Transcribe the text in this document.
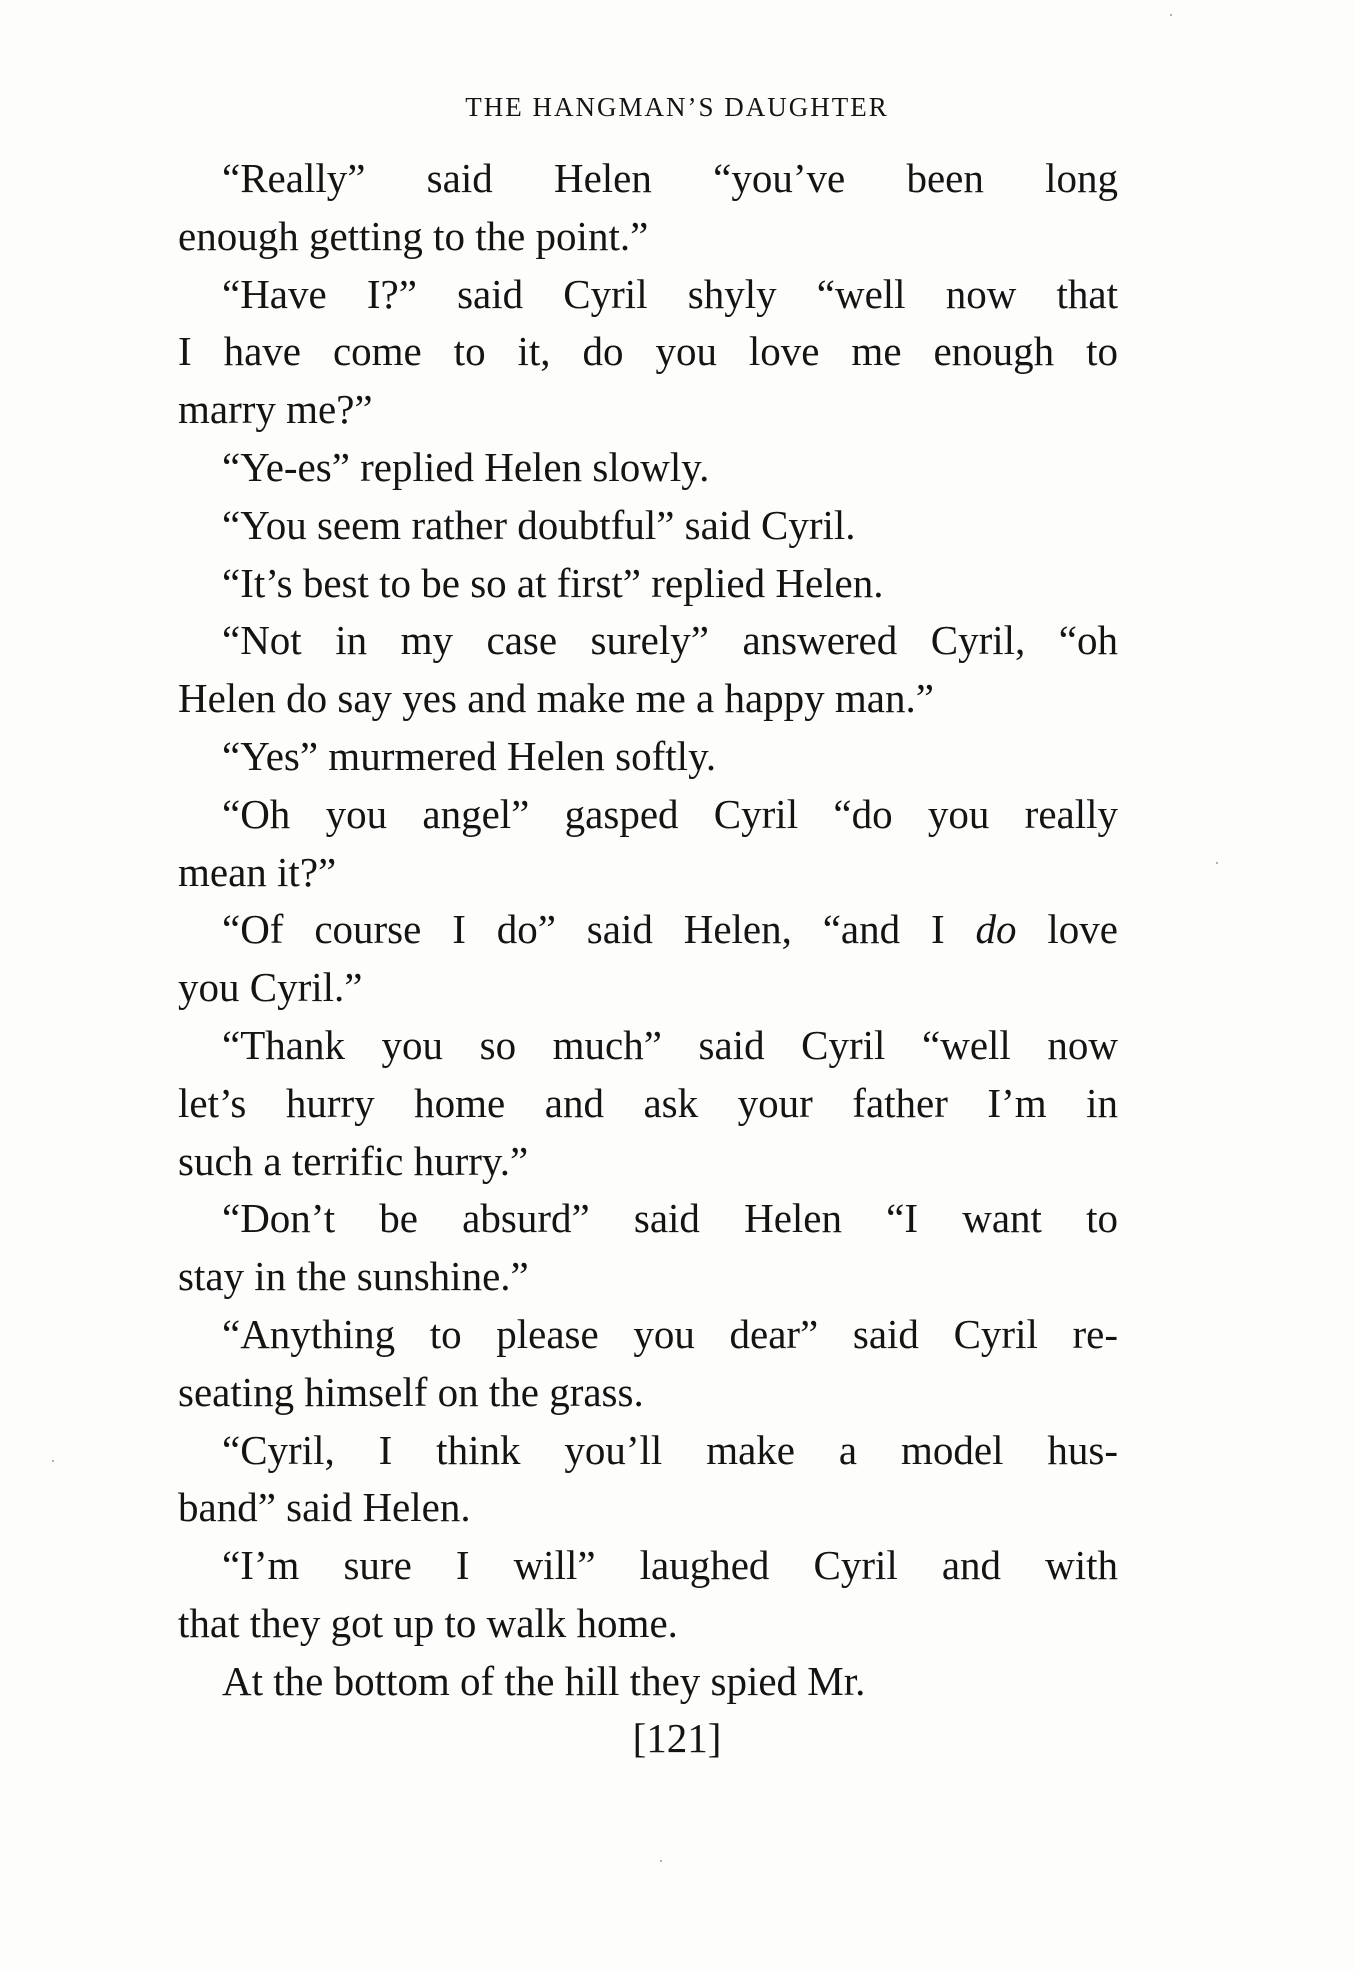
THE HANGMAN’S DAUGHTER
“Really” said Helen “you’ve been long
enough getting to the point.”
“Have I?” said Cyril shyly “well now that
I have come to it, do you love me enough to
marry me?”
“Ye-es” replied Helen slowly.
“You seem rather doubtful” said Cyril.
“It’s best to be so at first” replied Helen.
“Not in my case surely” answered Cyril, “oh
Helen do say yes and make me a happy man.”
“Yes” murmered Helen softly.
“Oh you angel” gasped Cyril “do you really
mean it?”
“Of course I do” said Helen, “and I do love
you Cyril.”
“Thank you so much” said Cyril “well now
let’s hurry home and ask your father I’m in
such a terrific hurry.”
“Don’t be absurd” said Helen “I want to
stay in the sunshine.”
“Anything to please you dear” said Cyril re-
seating himself on the grass.
“Cyril, I think you’ll make a model hus-
band” said Helen.
“I’m sure I will” laughed Cyril and with
that they got up to walk home.
At the bottom of the hill they spied Mr.
[121]
